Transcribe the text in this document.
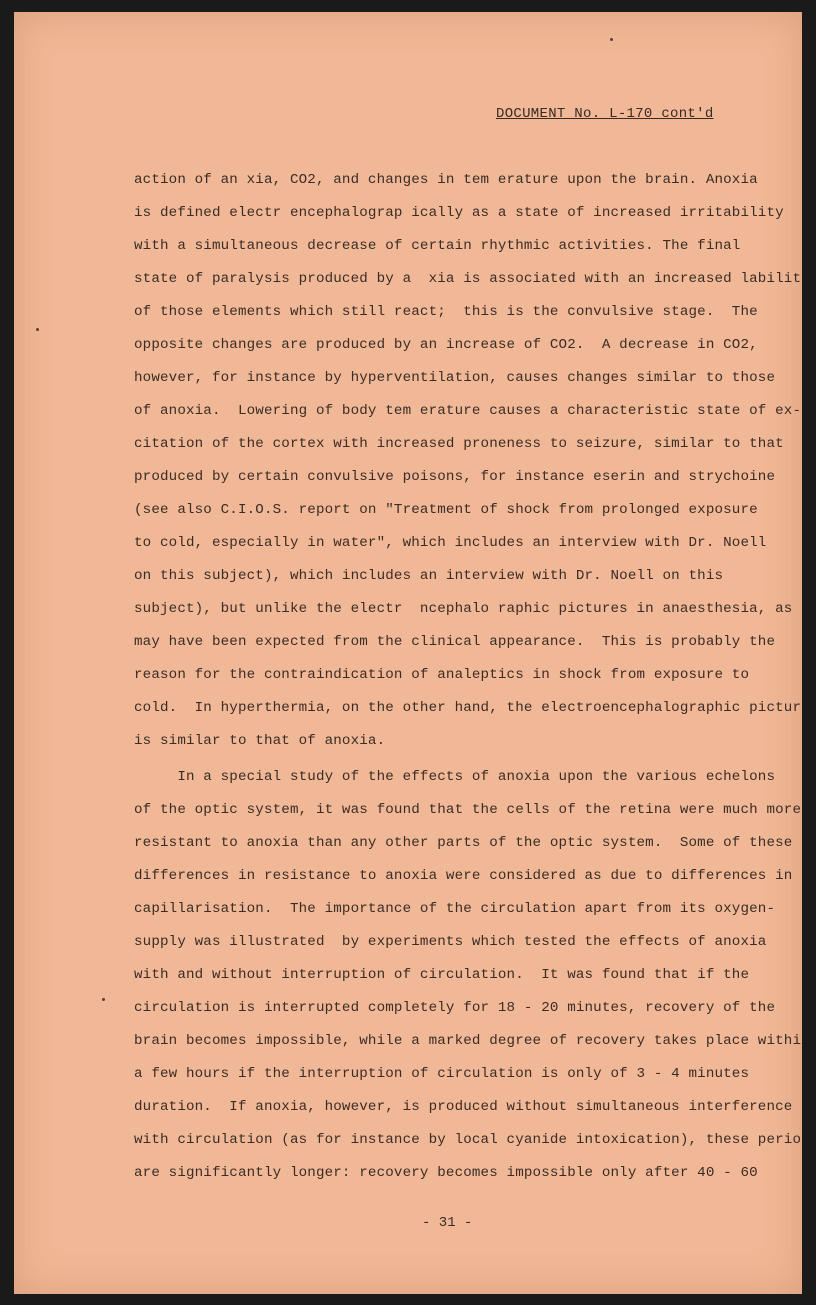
DOCUMENT No. L-170 cont'd
action of an xia, CO2, and changes in tem erature upon the brain. Anoxia
is defined electr encephalograp ically as a state of increased irritability
with a simultaneous decrease of certain rhythmic activities. The final
state of paralysis produced by a  xia is associated with an increased labilit
of those elements which still react;  this is the convulsive stage.  The
opposite changes are produced by an increase of CO2.  A decrease in CO2,
however, for instance by hyperventilation, causes changes similar to those
of anoxia.  Lowering of body tem erature causes a characteristic state of ex-
citation of the cortex with increased proneness to seizure, similar to that
produced by certain convulsive poisons, for instance eserin and strychoine
(see also C.I.O.S. report on "Treatment of shock from prolonged exposure
to cold, especially in water", which includes an interview with Dr. Noell
on this subject), which includes an interview with Dr. Noell on this
subject), but unlike the electr  ncephalo raphic pictures in anaesthesia, as
may have been expected from the clinical appearance.  This is probably the
reason for the contraindication of analeptics in shock from exposure to
cold.  In hyperthermia, on the other hand, the electroencephalographic pictur
is similar to that of anoxia.
In a special study of the effects of anoxia upon the various echelons
of the optic system, it was found that the cells of the retina were much more
resistant to anoxia than any other parts of the optic system.  Some of these
differences in resistance to anoxia were considered as due to differences in
capillarisation.  The importance of the circulation apart from its oxygen-
supply was illustrated  by experiments which tested the effects of anoxia
with and without interruption of circulation.  It was found that if the
circulation is interrupted completely for 18 - 20 minutes, recovery of the
brain becomes impossible, while a marked degree of recovery takes place withi
a few hours if the interruption of circulation is only of 3 - 4 minutes
duration.  If anoxia, however, is produced without simultaneous interference
with circulation (as for instance by local cyanide intoxication), these perio
are significantly longer: recovery becomes impossible only after 40 - 60
- 31 -
